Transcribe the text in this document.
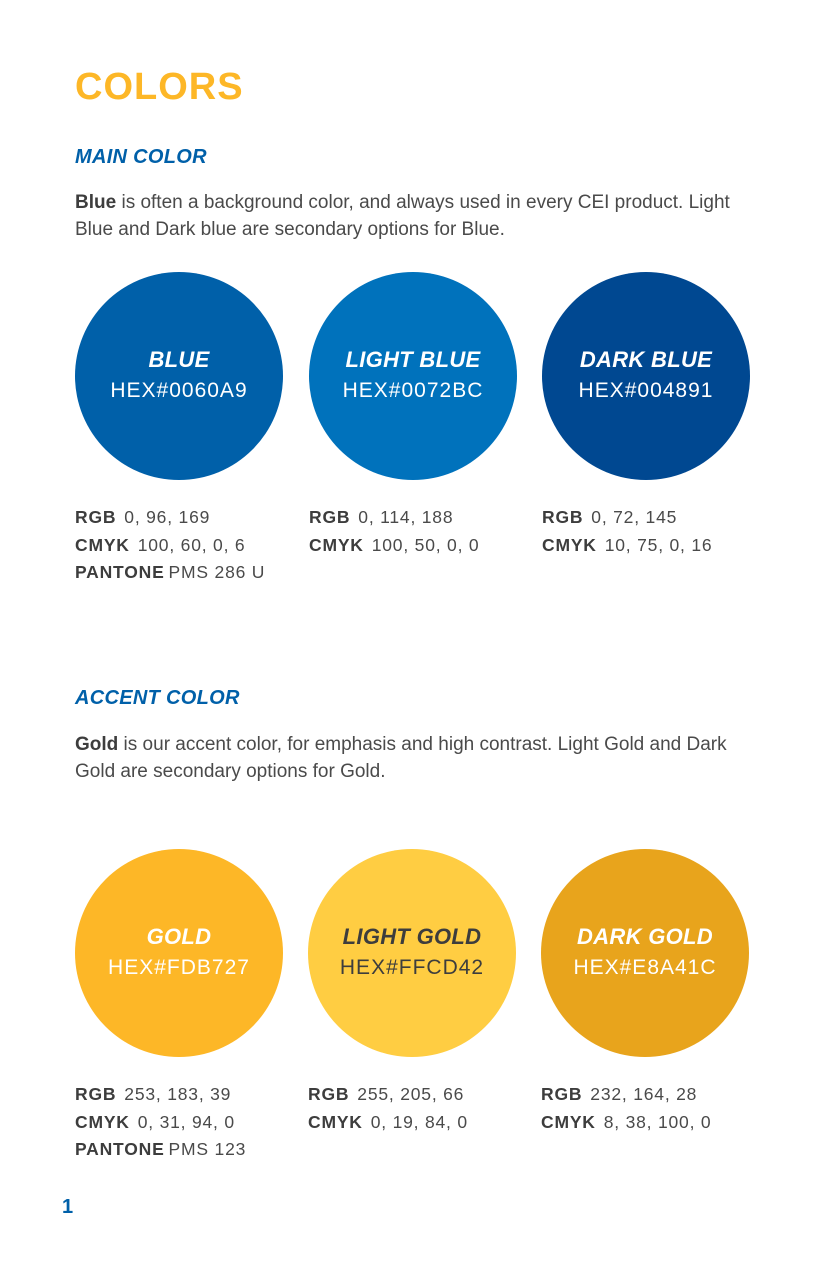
COLORS
MAIN COLOR

Blue is often a background color, and always used in every CEI product. Light Blue and Dark blue are secondary options for Blue.

BLUE
HEX#0060A9
RGB 0, 96, 169
CMYK 100, 60, 0, 6
PANTONE PMS 286 U
LIGHT BLUE
HEX#0072BC
RGB 0, 114, 188
CMYK 100, 50, 0, 0
DARK BLUE
HEX#004891
RGB 0, 72, 145
CMYK 10, 75, 0, 16
ACCENT COLOR

Gold is our accent color, for emphasis and high contrast. Light Gold and Dark Gold are secondary options for Gold.

GOLD
HEX#FDB727
RGB 253, 183, 39
CMYK 0, 31, 94, 0
PANTONE PMS 123
LIGHT GOLD
HEX#FFCD42
RGB 255, 205, 66
CMYK 0, 19, 84, 0
DARK GOLD
HEX#E8A41C
RGB 232, 164, 28
CMYK 8, 38, 100, 0
1
